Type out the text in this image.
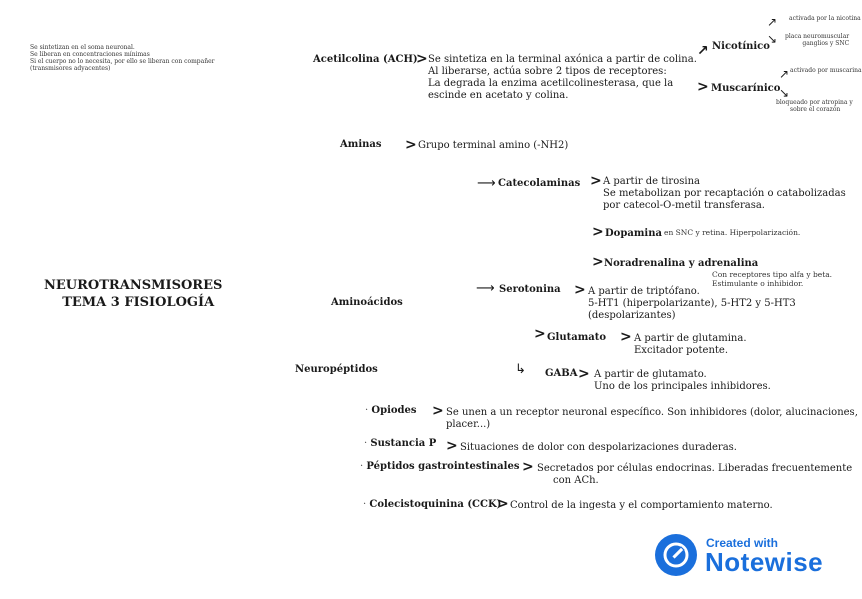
Se sintetizan en el soma neuronal.
Se liberan en concentraciones mínimas
Si el cuerpo no lo necesita, por ello se liberan con compañer
(transmisores adyacentes)
NEUROTRANSMISORES
TEMA 3 FISIOLOGÍA
Acetilcolina (ACH)
> Se sintetiza en la terminal axónica a partir de colina.
Al liberarse, actúa sobre 2 tipos de receptores:
La degrada la enzima acetilcolinesterasa, que la
escinde en acetato y colina.
↗ Nicotínico
↗ activada por la nicotina
↘ placa neuromuscular
ganglios y SNC
> Muscarínico
↗ activado por muscarina
↘
bloqueado por atropina y
sobre el corazón
Aminas > Grupo terminal amino (-NH2)
⟶ Catecolaminas > A partir de tirosina
Se metabolizan por recaptación o catabolizadas
por catecol-O-metil transferasa.
> Dopamina en SNC y retina. Hiperpolarización.
> Noradrenalina y adrenalina
Con receptores tipo alfa y beta.
Estimulante o inhibidor.
Aminoácidos
⟶ Serotonina > A partir de triptófano.
5-HT1 (hiperpolarizante), 5-HT2 y 5-HT3
(despolarizantes)
> Glutamato > A partir de glutamina.
Excitador potente.
↳ GABA > A partir de glutamato.
Uno de los principales inhibidores.
Neuropéptidos
· Opiodes > Se unen a un receptor neuronal específico. Son inhibidores (dolor, alucinaciones,
placer...)
· Sustancia P > Situaciones de dolor con despolarizaciones duraderas.
· Péptidos gastrointestinales > Secretados por células endocrinas. Liberadas frecuentemente
con ACh.
· Colecistoquinina (CCK)
> Control de la ingesta y el comportamiento materno.
Created with
Notewise
